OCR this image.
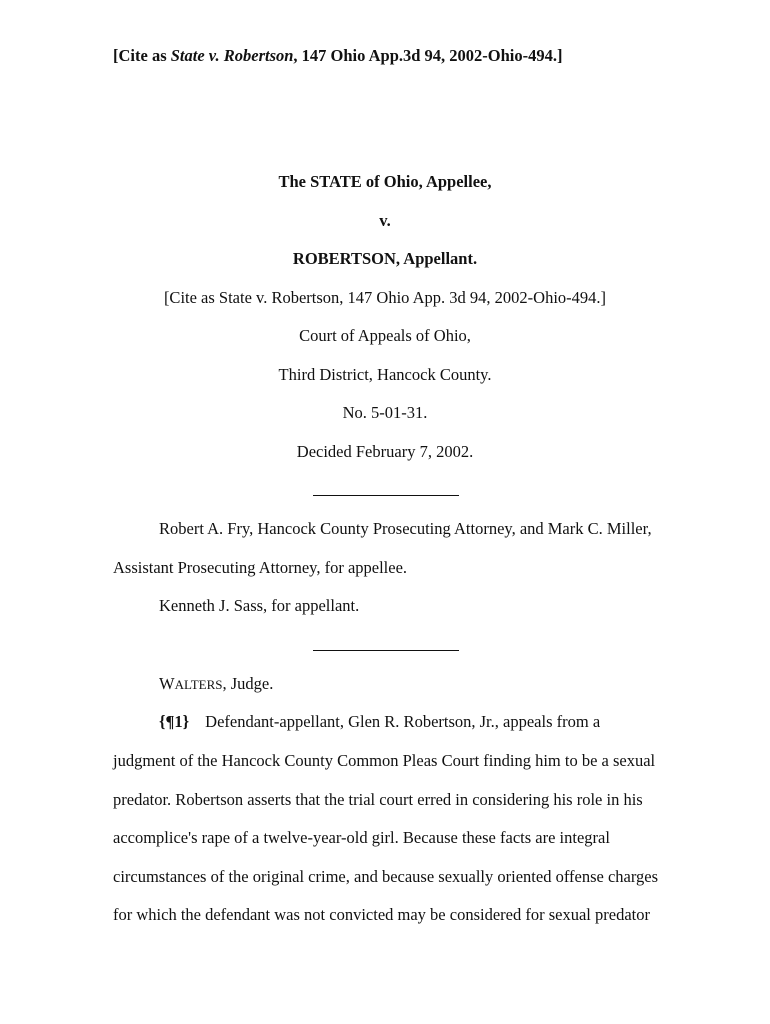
[Cite as State v. Robertson, 147 Ohio App.3d 94, 2002-Ohio-494.]
The STATE of Ohio, Appellee,
v.
ROBERTSON, Appellant.
[Cite as State v. Robertson, 147 Ohio App. 3d 94, 2002-Ohio-494.]
Court of Appeals of Ohio,
Third District, Hancock County.
No. 5-01-31.
Decided February 7, 2002.
Robert A. Fry, Hancock County Prosecuting Attorney, and Mark C. Miller,
Assistant Prosecuting Attorney, for appellee.
Kenneth J. Sass, for appellant.
WALTERS, Judge.
{¶1} Defendant-appellant, Glen R. Robertson, Jr., appeals from a
judgment of the Hancock County Common Pleas Court finding him to be a sexual
predator. Robertson asserts that the trial court erred in considering his role in his
accomplice's rape of a twelve-year-old girl. Because these facts are integral
circumstances of the original crime, and because sexually oriented offense charges
for which the defendant was not convicted may be considered for sexual predator
